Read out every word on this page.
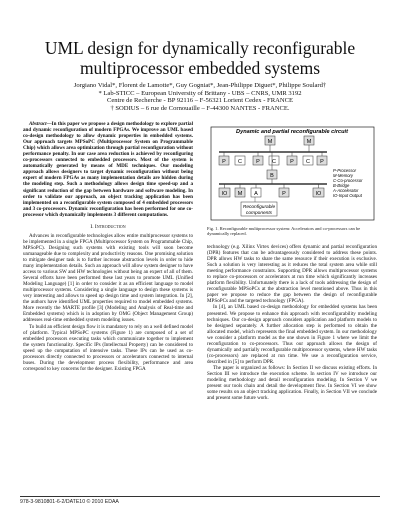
UML design for dynamically reconfigurable multiprocessor embedded systems
Jorgiano Vidal*, Florent de Lamotte*, Guy Gogniat*, Jean-Philippe Diguet*, Philippe Soulard†
* Lab-STICC – European University of Brittany - UBS – CNRS, UMR 3192
Centre de Recherche - BP 92116 – F-56321 Lorient Cedex - FRANCE
† SODIUS – 6 rue de Cornouaille – F-44300 NANTES - FRANCE.

Abstract—In this paper we propose a design methodology to explore partial and dynamic reconfiguration of modern FPGAs. We improve an UML based co-design methodology to allow dynamic properties in embedded systems. Our approach targets MPSoPC (Multiprocessor System on Programmable Chip) which allows area optimization through partial reconfiguration without performance penalty. In our case area reduction is achieved by reconfiguring co-processors connected to embedded processors. Most of the system is automatically generated by means of MDE techniques. Our modeling approach allows designers to target dynamic reconfiguration without being expert of modern FPGAs as many implementation details are hidden during the modeling step. Such a methodology allows design time speed-up and a significant reduction of the gap between hardware and software modeling. In order to validate our approach, an object tracking application has been implemented on a reconfigurable system composed of 4 embedded processors and 3 co-processors. Dynamic reconfiguration has been performed for one co-processor which dynamically implements 3 different computations.

I. Introduction

Advances in reconfigurable technologies allow entire multiprocessor systems to be implemented in a single FPGA (Multiprocessor System on Programmable Chip, MPSoPC). Designing such systems with existing tools will soon become unmanageable due to complexity and productivity reasons. One promising solution to mitigate designer task is to further increase abstraction levels in order to hide many implementation details. Such an approach will allow system designer to have access to various SW and HW technologies without being an expert of all of them. Several efforts have been performed these last years to promote UML (Unified Modeling Language) [1] in order to consider it as an efficient language to model multiprocessor systems. Considering a single language to design these systems is very interesting and allows to speed up design time and system integration. In [2], the authors have identified UML properties required to model embedded systems. More recently the MARTE profile [3] (Modeling and Analysis of Real-time and Embedded systems) which is in adoption by OMG (Object Management Group) addresses real-time embedded system modeling issues.

To build an efficient design flow it is mandatory to rely on a well defined model of platform. Typical MPSoPC systems (Figure 1) are composed of a set of embedded processors executing tasks which communicate together to implement the system functionality. Specific IPs (Intellectual Property) can be considered to speed up the computation of intensive tasks. These IPs can be used as co-processors directly connected to processors or accelerators connected to internal buses. During the development process flexibility, performance and area correspond to key concerns for the designer. Existing FPGA

Dynamic and partial reconfigurable circuit
M	M
P C	P C	P C P
B
IO M A	P	IO
Reconfigurable
components
P-Processor
M-Memory
C-Co-processor
B-Bridge
A-Accelerator
IO-Input Output
Fig. 1. Reconfigurable multiprocessor system: Accelerators and co-processors can be dynamically replaced.

technology (e.g. Xilinx Virtex devices) offers dynamic and partial reconfiguration (DPR) features that can be advantageously considered to address these points. DPR allows HW tasks to share the same resource if their execution is exclusive. Such a solution is very interesting as it reduces the total system area while still meeting performance constraints. Supporting DPR allows multiprocessor systems to replace co-processors or accelerators at run time which significantly increases platform flexibility. Unfortunately there is a lack of tools addressing the design of reconfigurable MPSoPCs at the abstraction level mentioned above. Thus in this paper we propose to reduce the gap between the design of reconfigurable MPSoPCs and the targeted technology (FPGA).

In [4], an UML based co-design methodology for embedded systems has been presented. We propose to enhance this approach with reconfigurability modeling techniques. Our co-design approach considers application and platform models to be designed separately. A further allocation step is performed to obtain the allocated model, which represents the final embedded system. In our methodology we consider a platform model as the one shown in Figure 1 where we limit the reconfiguration to co-processors. Thus our approach allows the design of dynamically and partially reconfigurable multiprocessor systems, where HW tasks (co-processors) are replaced at run time. We use a reconfiguration service, described in [5] to perform DPR.

The paper is organized as follows: In Section II we discuss existing efforts. In Section III we introduce the execution scheme. In section IV we introduce our modeling methodology and detail reconfiguration modeling. In Section V we present our tools chain and detail the development flow. In Section VI we show some results on an object tracking application. Finally, in Section VII we conclude and present some future work.

978-3-9810801-6-2/DATE10 © 2010 EDAA
